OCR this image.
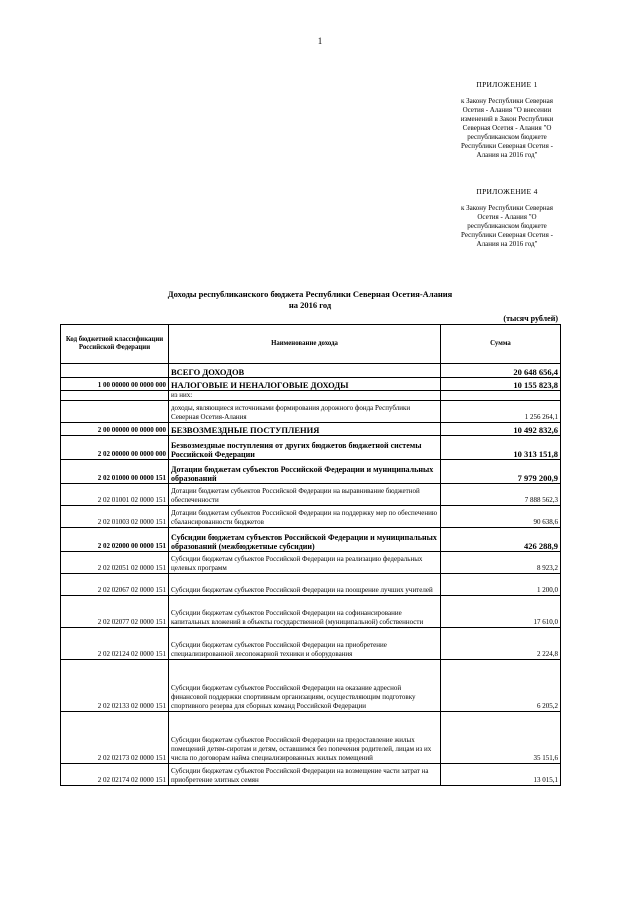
1
ПРИЛОЖЕНИЕ 1
к Закону Республики Северная
Осетия - Алания "О внесении
изменений в Закон Республики
Северная Осетия - Алания "О
республиканском бюджете
Республики Северная Осетия -
Алания на 2016 год"
ПРИЛОЖЕНИЕ 4
к Закону Республики Северная
Осетия - Алания "О
республиканском бюджете
Республики Северная Осетия -
Алания на 2016 год"
Доходы республиканского бюджета Республики Северная Осетия-Алания
на 2016 год
(тысяч рублей)
Код бюджетной классификации Российской Федерации	Наименование дохода	Сумма
	ВСЕГО ДОХОДОВ	20 648 656,4
1 00 00000 00 0000 000	НАЛОГОВЫЕ И НЕНАЛОГОВЫЕ ДОХОДЫ	10 155 823,8
	из них:	
	доходы, являющиеся источниками формирования дорожного фонда Республики Северная Осетия-Алания	1 256 264,1
2 00 00000 00 0000 000	БЕЗВОЗМЕЗДНЫЕ ПОСТУПЛЕНИЯ	10 492 832,6
2 02 00000 00 0000 000	Безвозмездные поступления от других бюджетов бюджетной системы Российской Федерации	10 313 151,8
2 02 01000 00 0000 151	Дотации бюджетам субъектов Российской Федерации и муниципальных образований	7 979 200,9
2 02 01001 02 0000 151	Дотации бюджетам субъектов Российской Федерации на выравнивание бюджетной обеспеченности	7 888 562,3
2 02 01003 02 0000 151	Дотации бюджетам субъектов Российской Федерации на поддержку мер по обеспечению сбалансированности бюджетов	90 638,6
2 02 02000 00 0000 151	Субсидии бюджетам субъектов Российской Федерации и муниципальных образований (межбюджетные субсидии)	426 288,9
2 02 02051 02 0000 151	Субсидии бюджетам субъектов Российской Федерации на реализацию федеральных целевых программ	8 923,2
2 02 02067 02 0000 151	Субсидии бюджетам субъектов Российской Федерации на поощрение лучших учителей	1 200,0
2 02 02077 02 0000 151	Субсидии бюджетам субъектов Российской Федерации на софинансирование капитальных вложений в объекты государственной (муниципальной) собственности	17 610,0
2 02 02124 02 0000 151	Субсидии бюджетам субъектов Российской Федерации на приобретение специализированной лесопожарной техники и оборудования	2 224,8
2 02 02133 02 0000 151	Субсидии бюджетам субъектов Российской Федерации на оказание адресной финансовой поддержки спортивным организациям, осуществляющим подготовку спортивного резерва для сборных команд Российской Федерации	6 205,2
2 02 02173 02 0000 151	Субсидии бюджетам субъектов Российской Федерации на предоставление жилых помещений детям-сиротам и детям, оставшимся без попечения родителей, лицам из их числа по договорам найма специализированных жилых помещений	35 151,6
2 02 02174 02 0000 151	Субсидии бюджетам субъектов Российской Федерации на возмещение части затрат на приобретение элитных семян	13 015,1
